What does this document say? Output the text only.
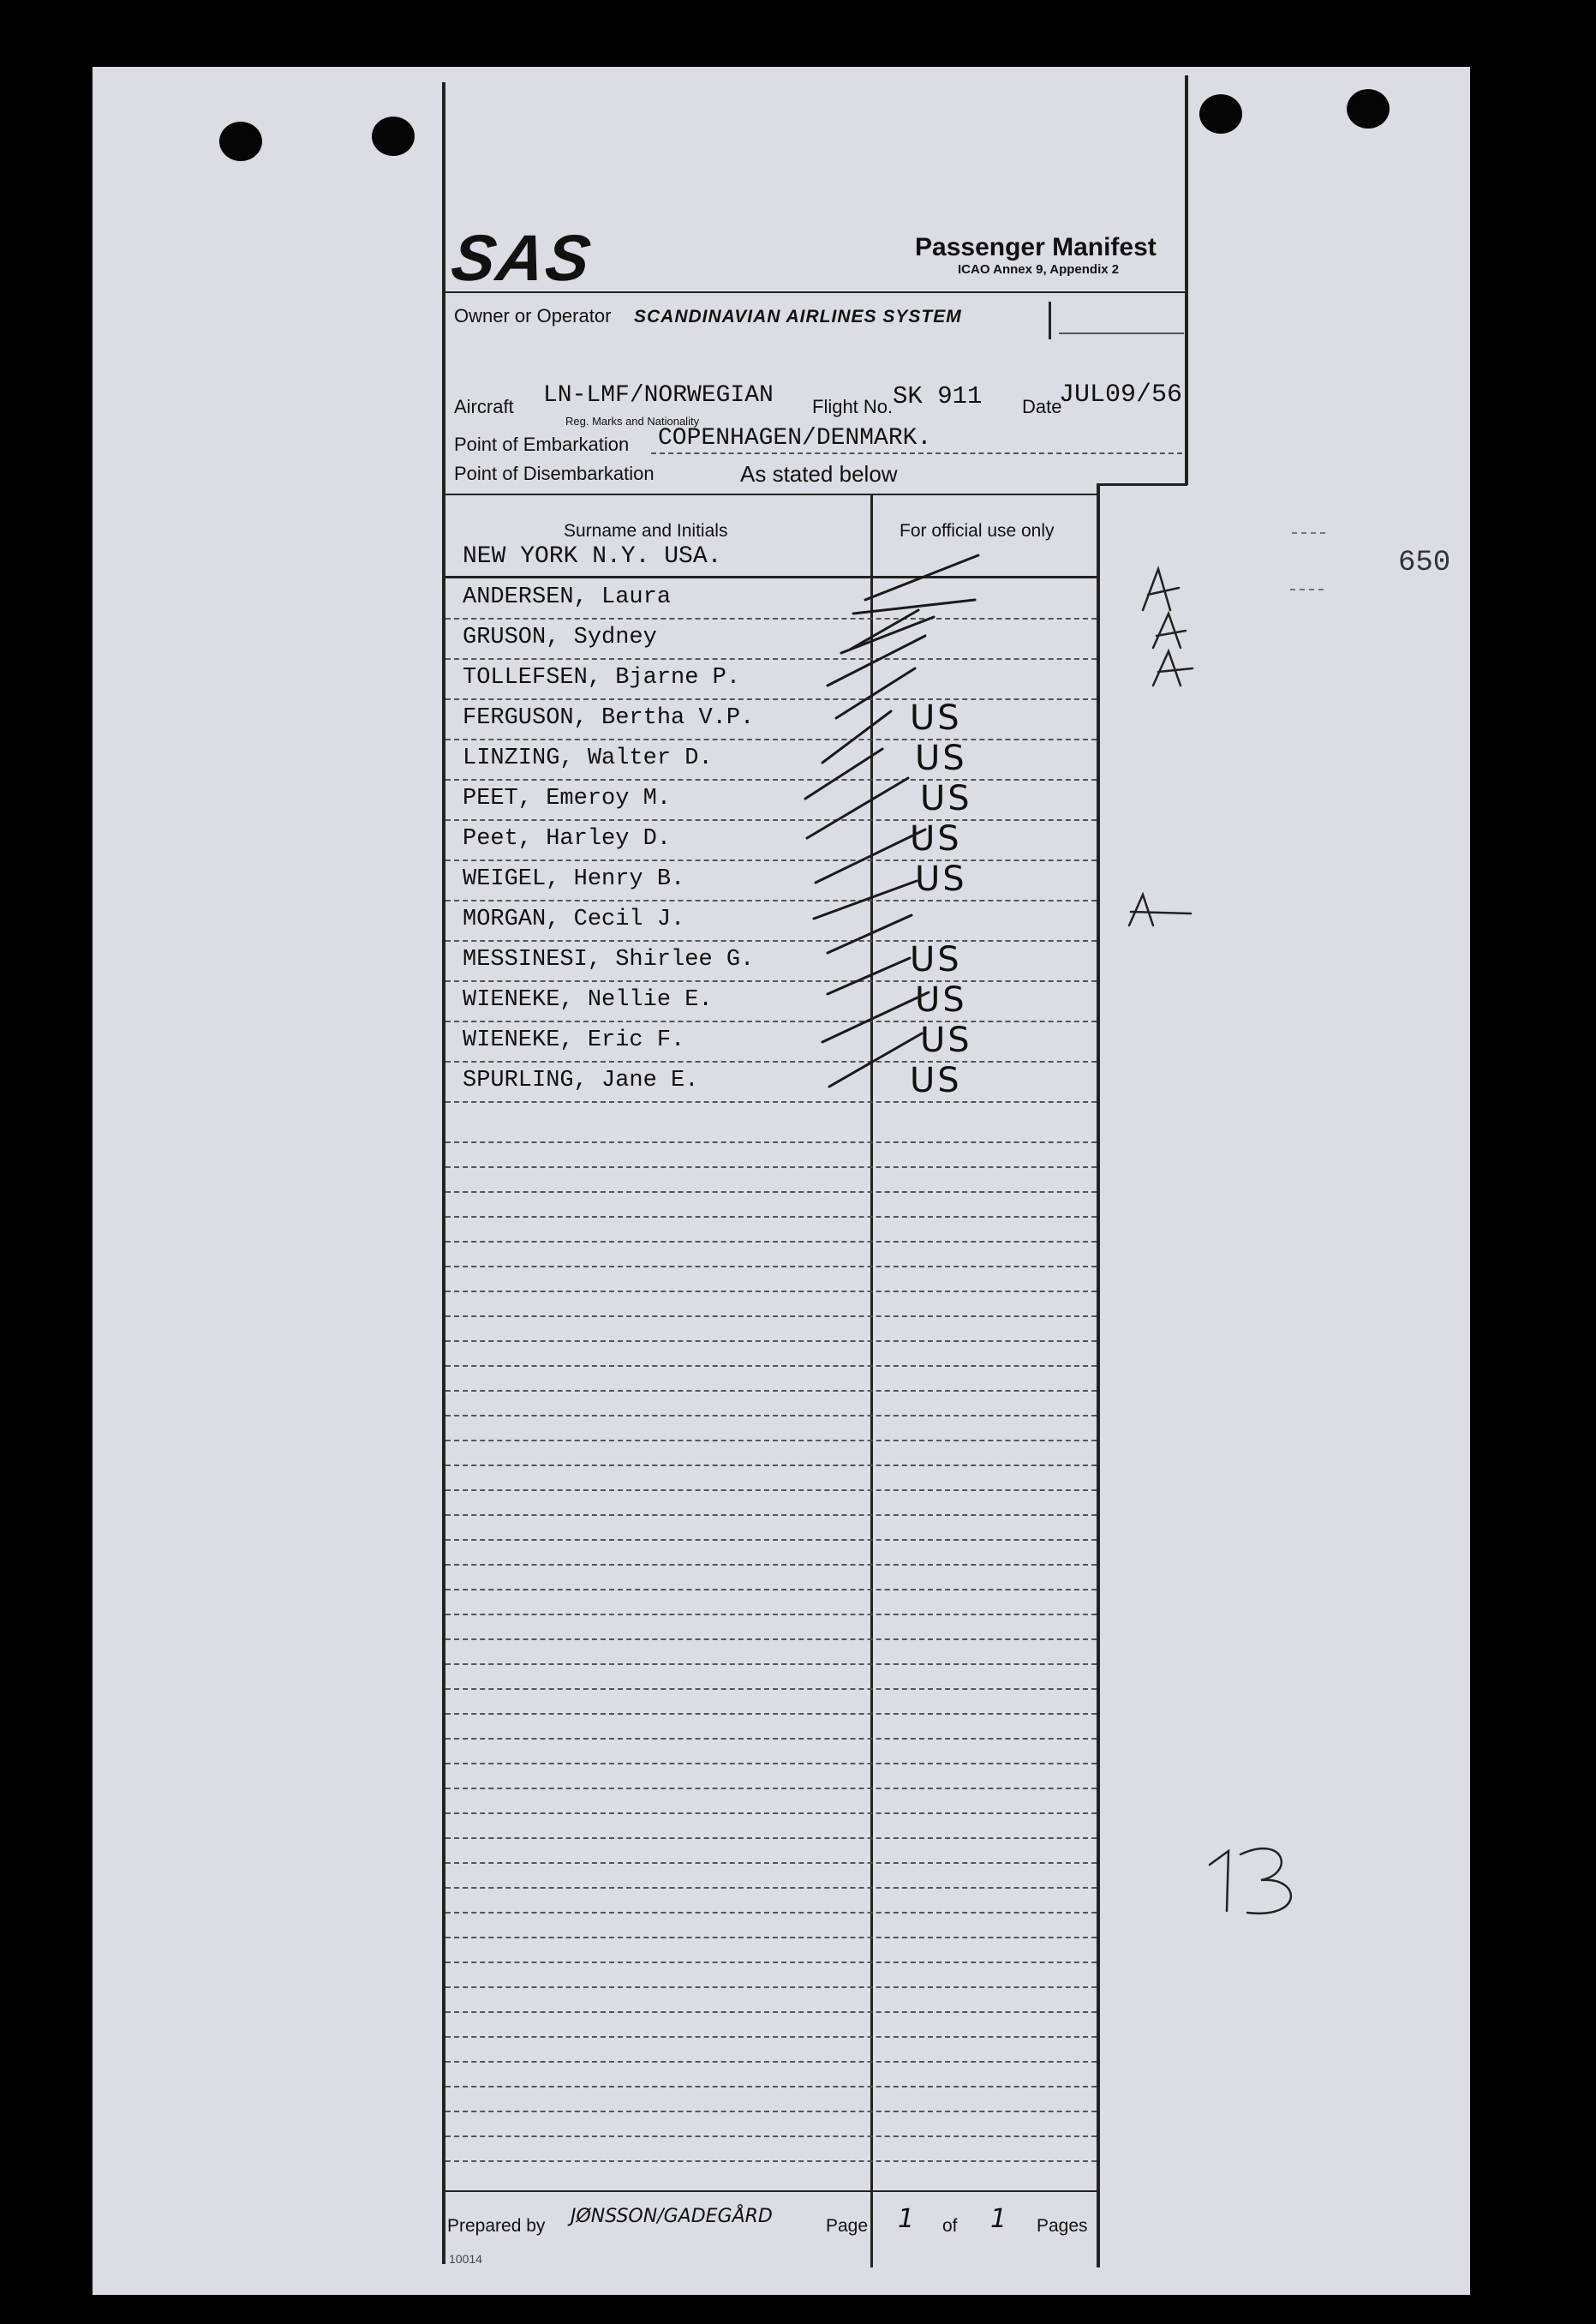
SAS	Passenger Manifest
ICAO Annex 9, Appendix 2
Owner or Operator SCANDINAVIAN AIRLINES SYSTEM
Aircraft LN-LMF/NORWEGIAN
Reg. Marks and Nationality
Flight No. SK 911 Date
JUL09/56
Point of Embarkation COPENHAGEN/DENMARK.
Point of Disembarkation	As stated below
Surname and Initials	For official use only
NEW YORK N.Y. USA.
ANDERSEN, Laura
GRUSON, Sydney
TOLLEFSEN, Bjarne P.
FERGUSON, Bertha V.P.	US
LINZING, Walter D.	US
PEET, Emeroy M.	US
Peet, Harley D.	US
WEIGEL, Henry B.	US
MORGAN, Cecil J.
MESSINESI, Shirlee G.	US
WIENEKE, Nellie E.	US
WIENEKE, Eric F.	US
SPURLING, Jane E.	US
650
Prepared by JØNSSON/GADEGÅRD	Page 1 of 1 Pages
10014
